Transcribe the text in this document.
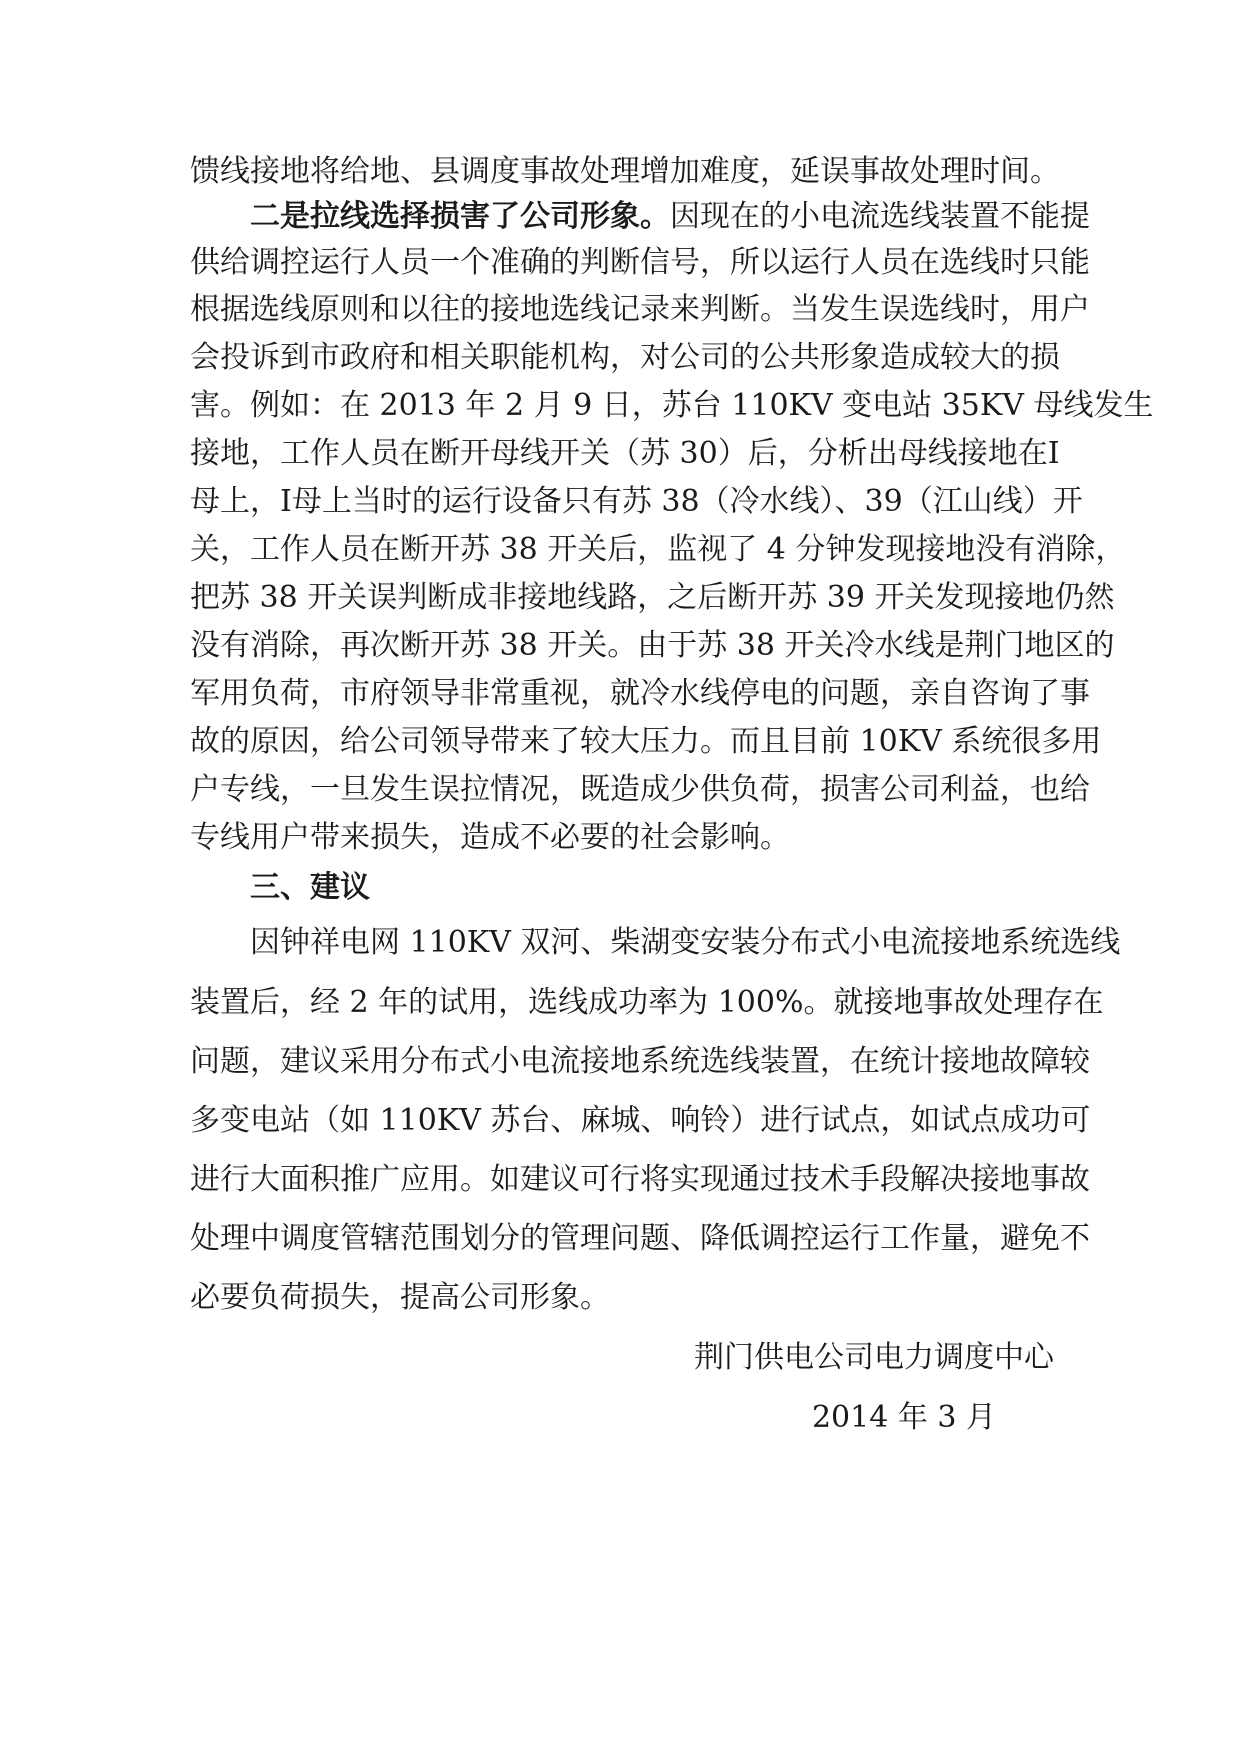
馈线接地将给地、县调度事故处理增加难度，延误事故处理时间。
二是拉线选择损害了公司形象。因现在的小电流选线装置不能提
供给调控运行人员一个准确的判断信号，所以运行人员在选线时只能
根据选线原则和以往的接地选线记录来判断。当发生误选线时，用户
会投诉到市政府和相关职能机构，对公司的公共形象造成较大的损
害。例如：在 2013 年 2 月 9 日，苏台 110KV 变电站 35KV 母线发生
接地，工作人员在断开母线开关（苏 30）后，分析出母线接地在Ⅰ
母上，Ⅰ母上当时的运行设备只有苏 38（冷水线）、39（江山线）开
关，工作人员在断开苏 38 开关后，监视了 4 分钟发现接地没有消除，
把苏 38 开关误判断成非接地线路，之后断开苏 39 开关发现接地仍然
没有消除，再次断开苏 38 开关。由于苏 38 开关冷水线是荆门地区的
军用负荷，市府领导非常重视，就冷水线停电的问题，亲自咨询了事
故的原因，给公司领导带来了较大压力。而且目前 10KV 系统很多用
户专线，一旦发生误拉情况，既造成少供负荷，损害公司利益，也给
专线用户带来损失，造成不必要的社会影响。
三、建议
因钟祥电网 110KV 双河、柴湖变安装分布式小电流接地系统选线
装置后，经 2 年的试用，选线成功率为 100%。就接地事故处理存在
问题，建议采用分布式小电流接地系统选线装置，在统计接地故障较
多变电站（如 110KV 苏台、麻城、响铃）进行试点，如试点成功可
进行大面积推广应用。如建议可行将实现通过技术手段解决接地事故
处理中调度管辖范围划分的管理问题、降低调控运行工作量，避免不
必要负荷损失，提高公司形象。
荆门供电公司电力调度中心
2014 年 3 月
